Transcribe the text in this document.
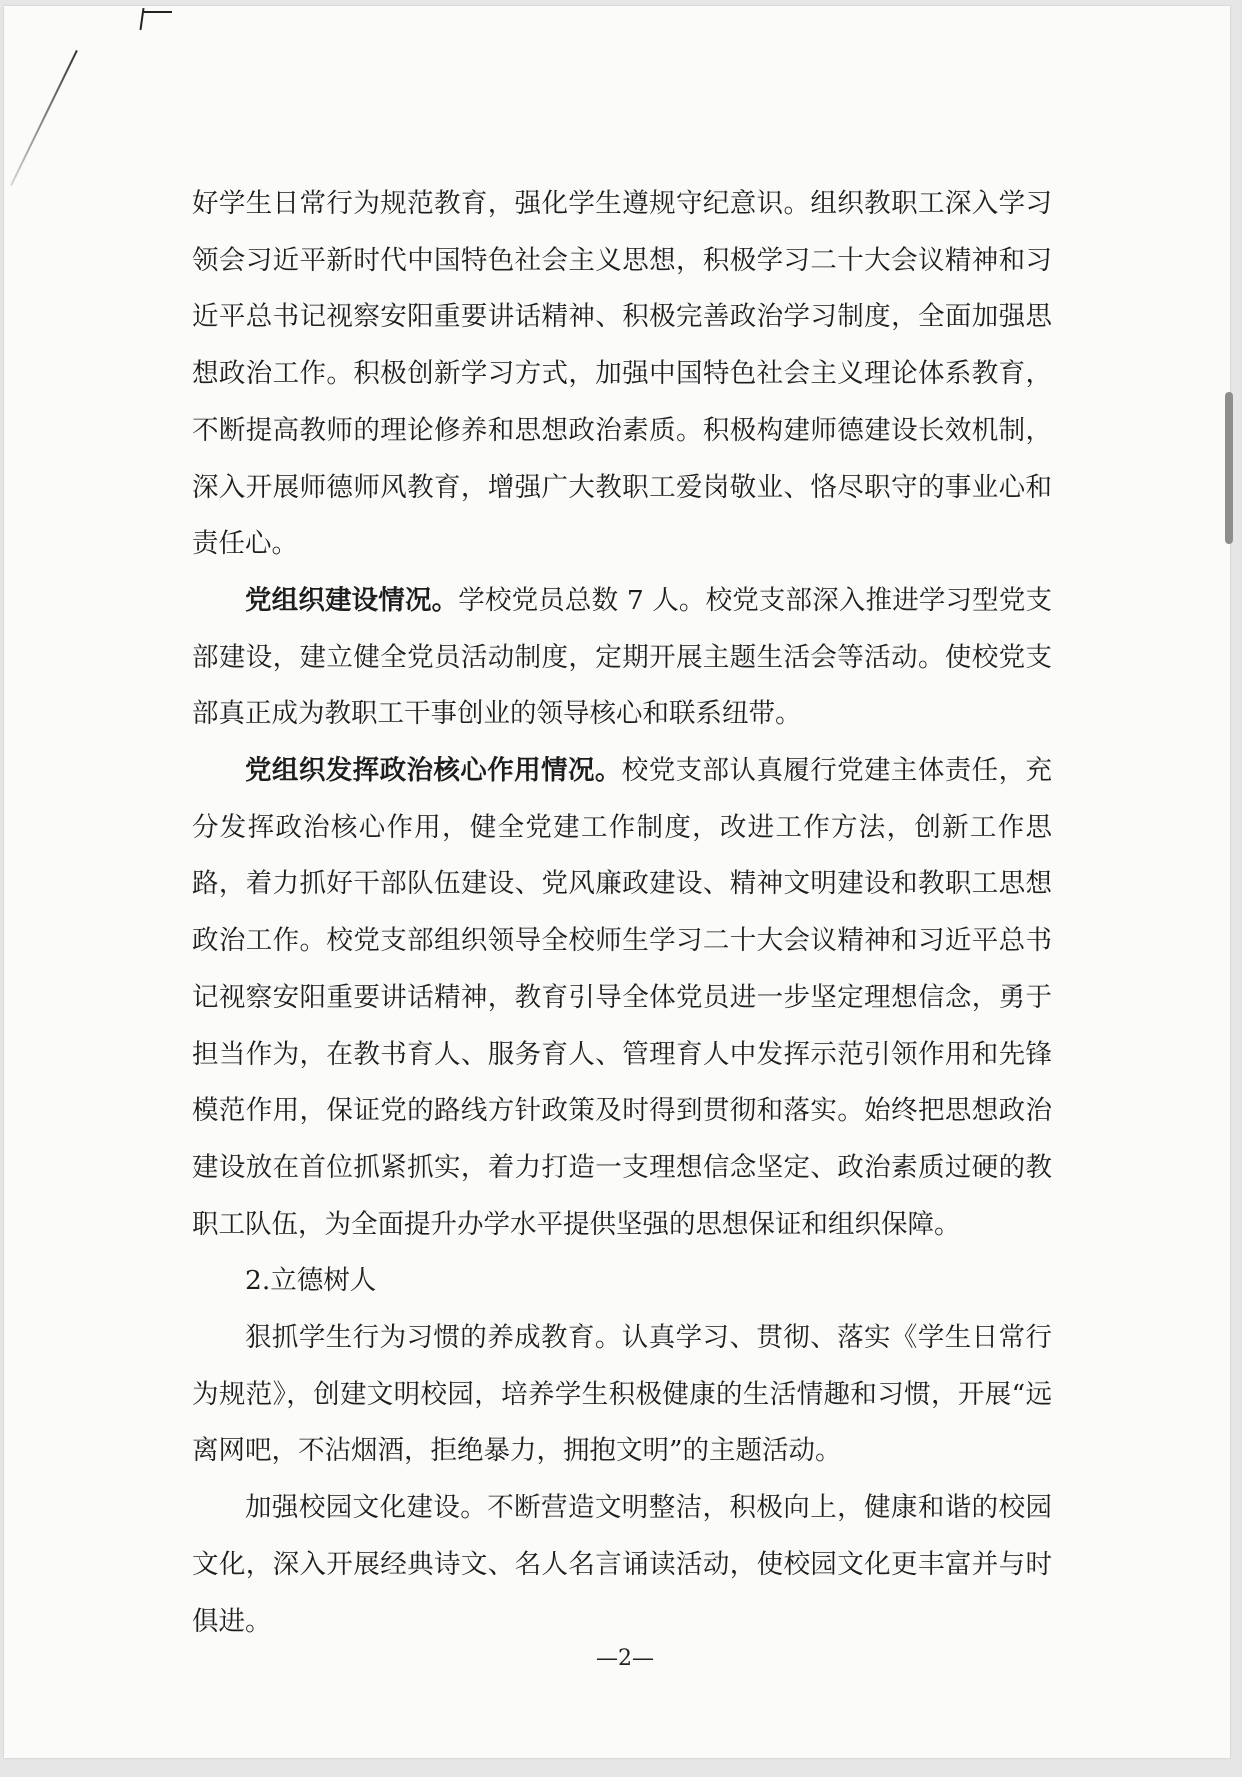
好学生日常行为规范教育，强化学生遵规守纪意识。组织教职工深入学习领会习近平新时代中国特色社会主义思想，积极学习二十大会议精神和习近平总书记视察安阳重要讲话精神、积极完善政治学习制度，全面加强思想政治工作。积极创新学习方式，加强中国特色社会主义理论体系教育，不断提高教师的理论修养和思想政治素质。积极构建师德建设长效机制，深入开展师德师风教育，增强广大教职工爱岗敬业、恪尽职守的事业心和责任心。

党组织建设情况。学校党员总数 7 人。校党支部深入推进学习型党支部建设，建立健全党员活动制度，定期开展主题生活会等活动。使校党支部真正成为教职工干事创业的领导核心和联系纽带。

党组织发挥政治核心作用情况。校党支部认真履行党建主体责任，充分发挥政治核心作用，健全党建工作制度，改进工作方法，创新工作思路，着力抓好干部队伍建设、党风廉政建设、精神文明建设和教职工思想政治工作。校党支部组织领导全校师生学习二十大会议精神和习近平总书记视察安阳重要讲话精神，教育引导全体党员进一步坚定理想信念，勇于担当作为，在教书育人、服务育人、管理育人中发挥示范引领作用和先锋模范作用，保证党的路线方针政策及时得到贯彻和落实。始终把思想政治建设放在首位抓紧抓实，着力打造一支理想信念坚定、政治素质过硬的教职工队伍，为全面提升办学水平提供坚强的思想保证和组织保障。

2.立德树人

狠抓学生行为习惯的养成教育。认真学习、贯彻、落实《学生日常行为规范》，创建文明校园，培养学生积极健康的生活情趣和习惯，开展“远离网吧，不沾烟酒，拒绝暴力，拥抱文明”的主题活动。

加强校园文化建设。不断营造文明整洁，积极向上，健康和谐的校园文化，深入开展经典诗文、名人名言诵读活动，使校园文化更丰富并与时俱进。

—2—
